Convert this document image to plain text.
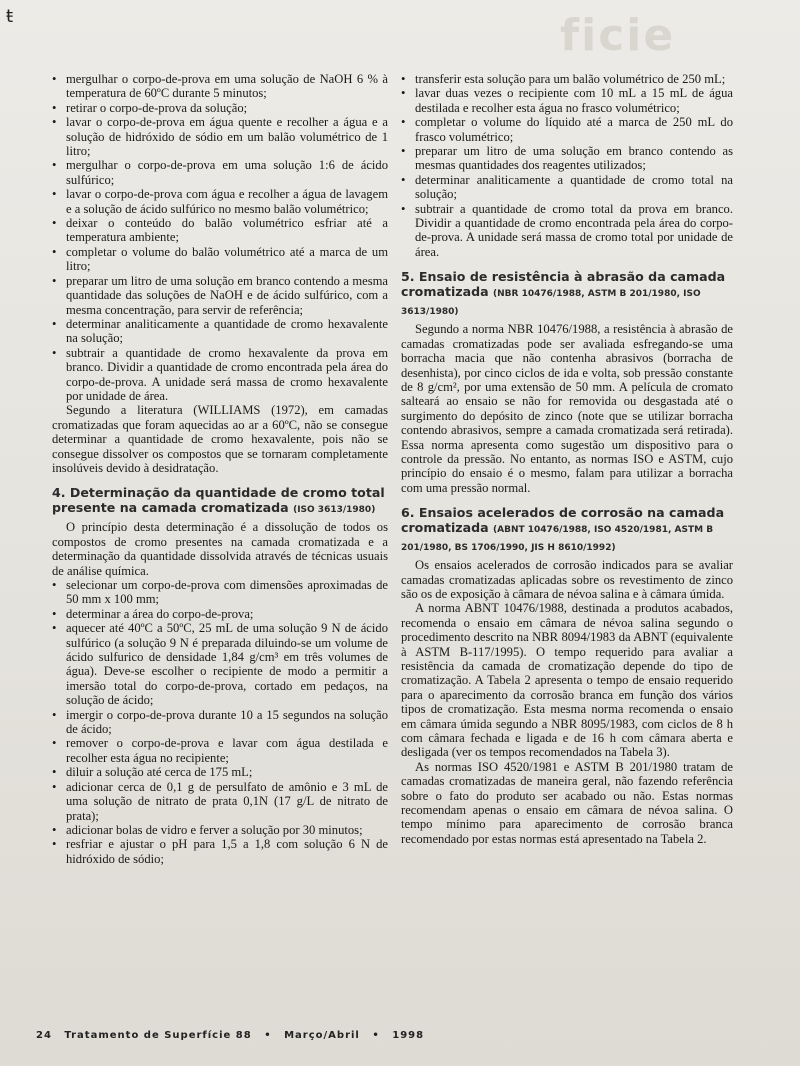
ficie
ŧ
• mergulhar o corpo-de-prova em uma solução de NaOH 6 % à temperatura de 60ºC durante 5 minutos;
• retirar o corpo-de-prova da solução;
• lavar o corpo-de-prova em água quente e recolher a água e a solução de hidróxido de sódio em um balão volumétrico de 1 litro;
• mergulhar o corpo-de-prova em uma solução 1:6 de ácido sulfúrico;
• lavar o corpo-de-prova com água e recolher a água de lavagem e a solução de ácido sulfúrico no mesmo balão volumétrico;
• deixar o conteúdo do balão volumétrico esfriar até a temperatura ambiente;
• completar o volume do balão volumétrico até a marca de um litro;
• preparar um litro de uma solução em branco contendo a mesma quantidade das soluções de NaOH e de ácido sulfúrico, com a mesma concentração, para servir de referência;
• determinar analiticamente a quantidade de cromo hexavalente na solução;
• subtrair a quantidade de cromo hexavalente da prova em branco. Dividir a quantidade de cromo encontrada pela área do corpo-de-prova. A unidade será massa de cromo hexavalente por unidade de área.

Segundo a literatura (WILLIAMS (1972), em camadas cromatizadas que foram aquecidas ao ar a 60ºC, não se consegue determinar a quantidade de cromo hexavalente, pois não se consegue dissolver os compostos que se tornaram completamente insolúveis devido à desidratação.

4. Determinação da quantidade de cromo total presente na camada cromatizada (ISO 3613/1980)

O princípio desta determinação é a dissolução de todos os compostos de cromo presentes na camada cromatizada e a determinação da quantidade dissolvida através de técnicas usuais de análise química.

• selecionar um corpo-de-prova com dimensões aproximadas de 50 mm x 100 mm;
• determinar a área do corpo-de-prova;
• aquecer até 40ºC a 50ºC, 25 mL de uma solução 9 N de ácido sulfúrico (a solução 9 N é preparada diluindo-se um volume de ácido sulfurico de densidade 1,84 g/cm³ em três volumes de água). Deve-se escolher o recipiente de modo a permitir a imersão total do corpo-de-prova, cortado em pedaços, na solução de ácido;
• imergir o corpo-de-prova durante 10 a 15 segundos na solução de ácido;
• remover o corpo-de-prova e lavar com água destilada e recolher esta água no recipiente;
• diluir a solução até cerca de 175 mL;
• adicionar cerca de 0,1 g de persulfato de amônio e 3 mL de uma solução de nitrato de prata 0,1N (17 g/L de nitrato de prata);
• adicionar bolas de vidro e ferver a solução por 30 minutos;
• resfriar e ajustar o pH para 1,5 a 1,8 com solução 6 N de hidróxido de sódio;
• transferir esta solução para um balão volumétrico de 250 mL;
• lavar duas vezes o recipiente com 10 mL a 15 mL de água destilada e recolher esta água no frasco volumétrico;
• completar o volume do líquido até a marca de 250 mL do frasco volumétrico;
• preparar um litro de uma solução em branco contendo as mesmas quantidades dos reagentes utilizados;
• determinar analiticamente a quantidade de cromo total na solução;
• subtrair a quantidade de cromo total da prova em branco. Dividir a quantidade de cromo encontrada pela área do corpo-de-prova. A unidade será massa de cromo total por unidade de área.
5. Ensaio de resistência à abrasão da camada cromatizada (NBR 10476/1988, ASTM B 201/1980, ISO 3613/1980)

Segundo a norma NBR 10476/1988, a resistência à abrasão de camadas cromatizadas pode ser avaliada esfregando-se uma borracha macia que não contenha abrasivos (borracha de desenhista), por cinco ciclos de ida e volta, sob pressão constante de 8 g/cm², por uma extensão de 50 mm. A película de cromato salteará ao ensaio se não for removida ou desgastada até o surgimento do depósito de zinco (note que se utilizar borracha contendo abrasivos, sempre a camada cromatizada será retirada). Essa norma apresenta como sugestão um dispositivo para o controle da pressão. No entanto, as normas ISO e ASTM, cujo princípio do ensaio é o mesmo, falam para utilizar a borracha com uma pressão normal.

6. Ensaios acelerados de corrosão na camada cromatizada (ABNT 10476/1988, ISO 4520/1981, ASTM B 201/1980, BS 1706/1990, JIS H 8610/1992)

Os ensaios acelerados de corrosão indicados para se avaliar camadas cromatizadas aplicadas sobre os revestimento de zinco são os de exposição à câmara de névoa salina e à câmara úmida.

A norma ABNT 10476/1988, destinada a produtos acabados, recomenda o ensaio em câmara de névoa salina segundo o procedimento descrito na NBR 8094/1983 da ABNT (equivalente à ASTM B-117/1995). O tempo requerido para avaliar a resistência da camada de cromatização depende do tipo de cromatização. A Tabela 2 apresenta o tempo de ensaio requerido para o aparecimento da corrosão branca em função dos vários tipos de cromatização. Esta mesma norma recomenda o ensaio em câmara úmida segundo a NBR 8095/1983, com ciclos de 8 h com câmara fechada e ligada e de 16 h com câmara aberta e desligada (ver os tempos recomendados na Tabela 3).

As normas ISO 4520/1981 e ASTM B 201/1980 tratam de camadas cromatizadas de maneira geral, não fazendo referência sobre o fato do produto ser acabado ou não. Estas normas recomendam apenas o ensaio em câmara de névoa salina. O tempo mínimo para aparecimento de corrosão branca recomendado por estas normas está apresentado na Tabela 2.

24 Tratamento de Superfície 88 • Março/Abril • 1998
